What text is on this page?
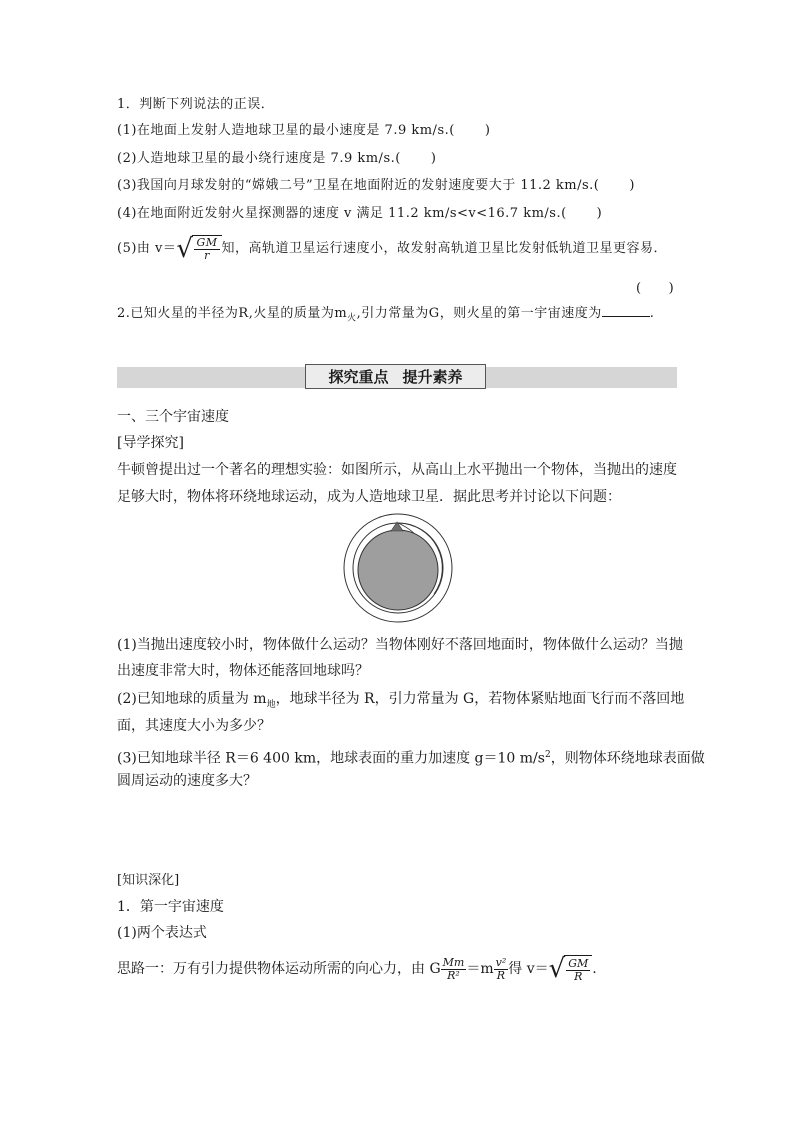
1．判断下列说法的正误．
(1)在地面上发射人造地球卫星的最小速度是 7.9 km/s.( )
(2)人造地球卫星的最小绕行速度是 7.9 km/s.( )
(3)我国向月球发射的“嫦娥二号”卫星在地面附近的发射速度要大于 11.2 km/s.( )
(4)在地面附近发射火星探测器的速度 v 满足 11.2 km/s<v<16.7 km/s.( )
(5)由 v＝ √ $\frac{GM}{r}$ 知，高轨道卫星运行速度小，故发射高轨道卫星比发射低轨道卫星更容易．
(　　)
2.已知火星的半径为R,火星的质量为$m_火$,引力常量为G，则火星的第一宇宙速度为	.
探究重点 提升素养
一、三个宇宙速度
[导学探究]
牛顿曾提出过一个著名的理想实验：如图所示，从高山上水平抛出一个物体，当抛出的速度
足够大时，物体将环绕地球运动，成为人造地球卫星．据此思考并讨论以下问题：
(1)当抛出速度较小时，物体做什么运动？当物体刚好不落回地面时，物体做什么运动？当抛
出速度非常大时，物体还能落回地球吗？
(2)已知地球的质量为 $m_地$，地球半径为 R，引力常量为 G，若物体紧贴地面飞行而不落回地
面，其速度大小为多少？
(3)已知地球半径 R＝6 400 km，地球表面的重力加速度 g＝10 $m/s^2$，则物体环绕地球表面做
圆周运动的速度多大？
[知识深化]
1．第一宇宙速度
(1)两个表达式
思路一：万有引力提供物体运动所需的向心力，由 G $\frac{Mm}{\text{R²}} =m \frac{\text{v²}}{R}$ 得 v＝ √ $\frac{GM}{R}$ .
